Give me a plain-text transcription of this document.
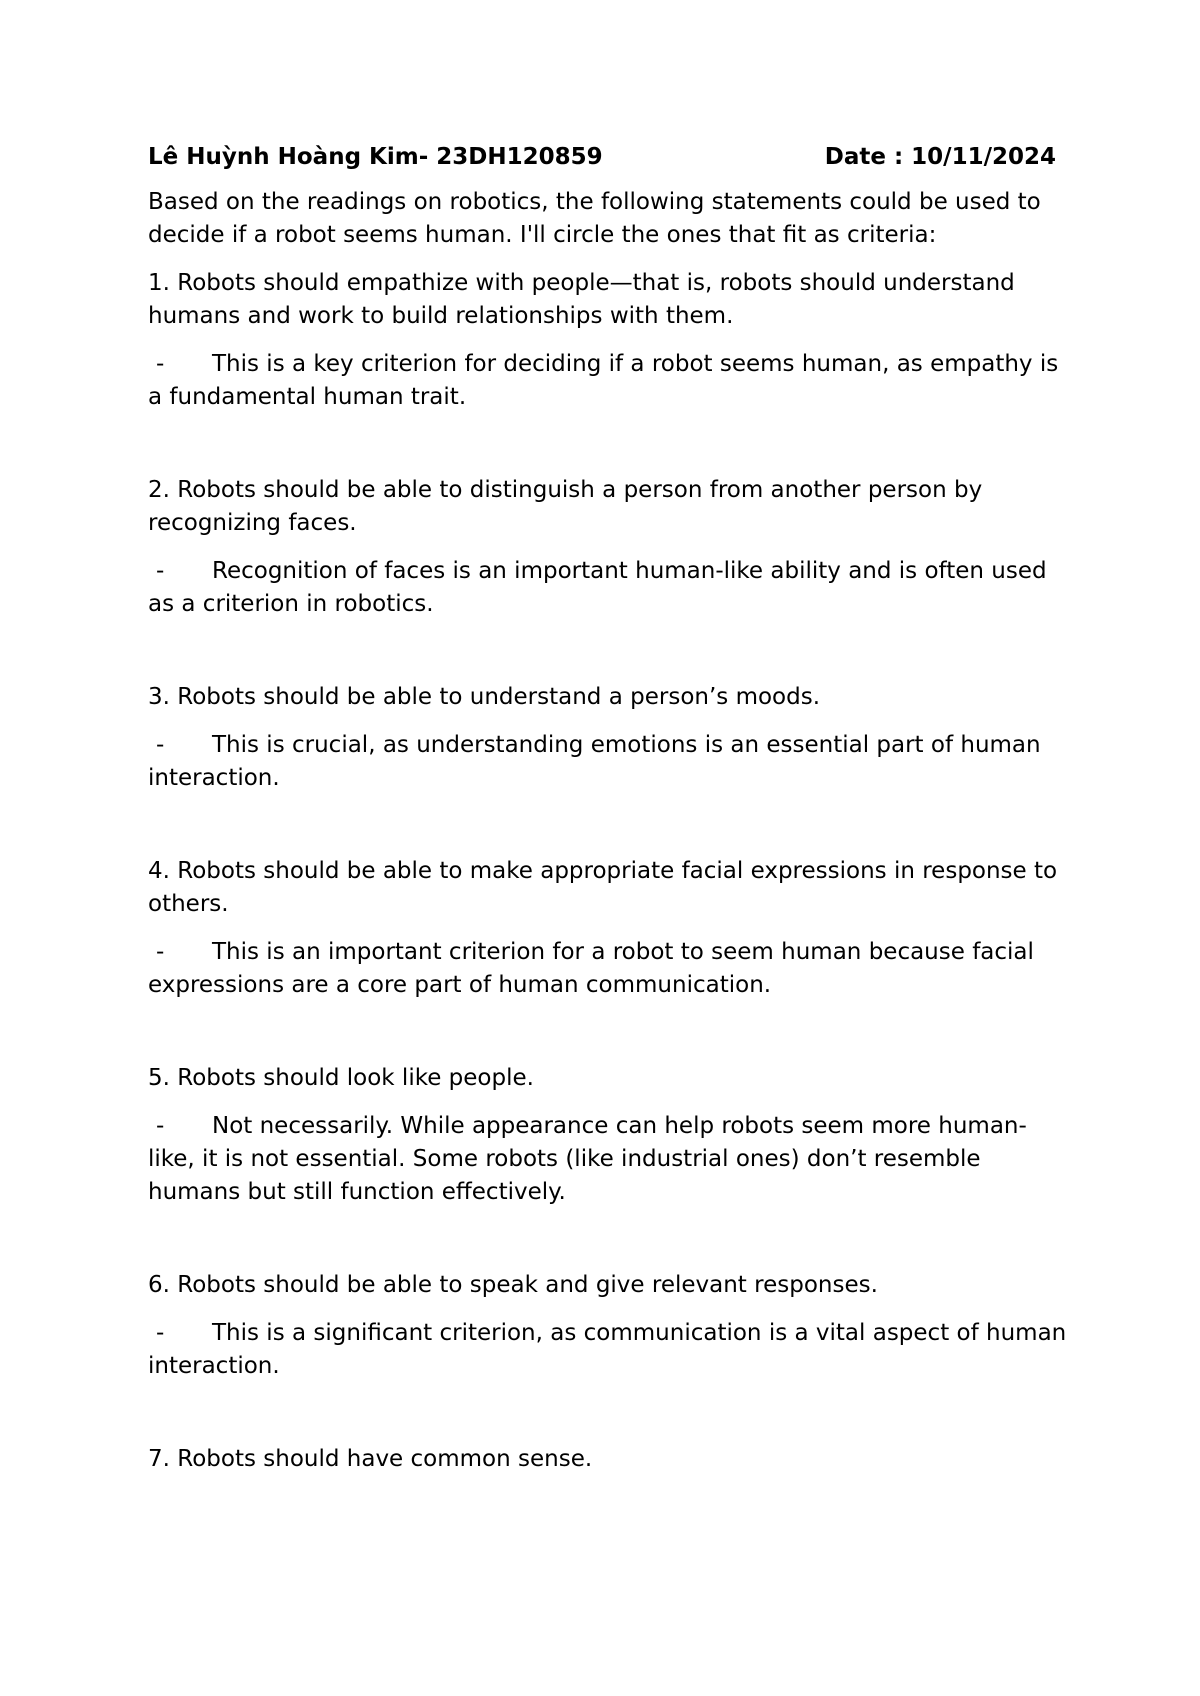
Lê Huỳnh Hoàng Kim- 23DH120859	Date : 10/11/2024

Based on the readings on robotics, the following statements could be used to decide if a robot seems human. I'll circle the ones that fit as criteria:

1. Robots should empathize with people—that is, robots should understand humans and work to build relationships with them.

- This is a key criterion for deciding if a robot seems human, as empathy is a fundamental human trait.

2. Robots should be able to distinguish a person from another person by recognizing faces.

- Recognition of faces is an important human-like ability and is often used as a criterion in robotics.

3. Robots should be able to understand a person’s moods.

- This is crucial, as understanding emotions is an essential part of human interaction.

4. Robots should be able to make appropriate facial expressions in response to others.

- This is an important criterion for a robot to seem human because facial expressions are a core part of human communication.

5. Robots should look like people.

- Not necessarily. While appearance can help robots seem more human-like, it is not essential. Some robots (like industrial ones) don’t resemble humans but still function effectively.

6. Robots should be able to speak and give relevant responses.

- This is a significant criterion, as communication is a vital aspect of human interaction.

7. Robots should have common sense.
